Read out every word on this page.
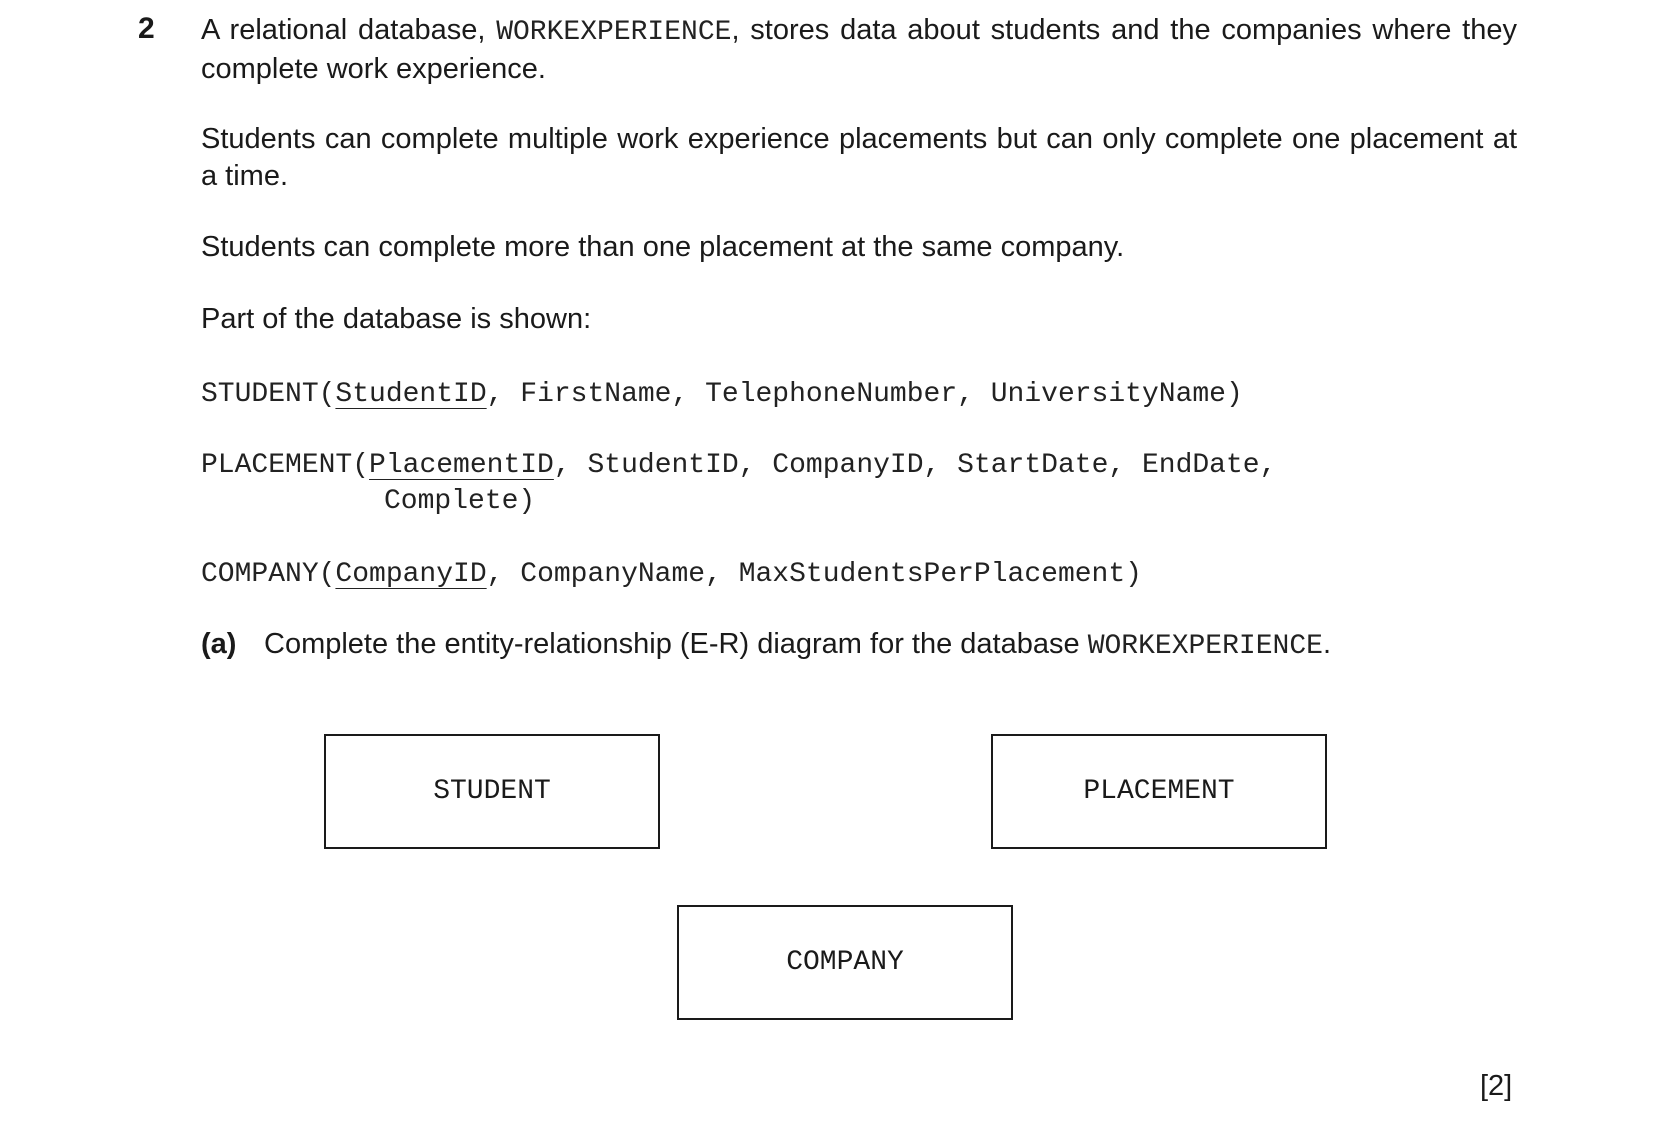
2 A relational database, WORKEXPERIENCE, stores data about students and the companies where they complete work experience.

Students can complete multiple work experience placements but can only complete one placement at a time.

Students can complete more than one placement at the same company.

Part of the database is shown:

STUDENT(StudentID, FirstName, TelephoneNumber, UniversityName)
PLACEMENT(PlacementID, StudentID, CompanyID, StartDate, EndDate,
Complete)
COMPANY(CompanyID, CompanyName, MaxStudentsPerPlacement)
(a) Complete the entity-relationship (E-R) diagram for the database WORKEXPERIENCE.
STUDENT	PLACEMENT
COMPANY
[2]
